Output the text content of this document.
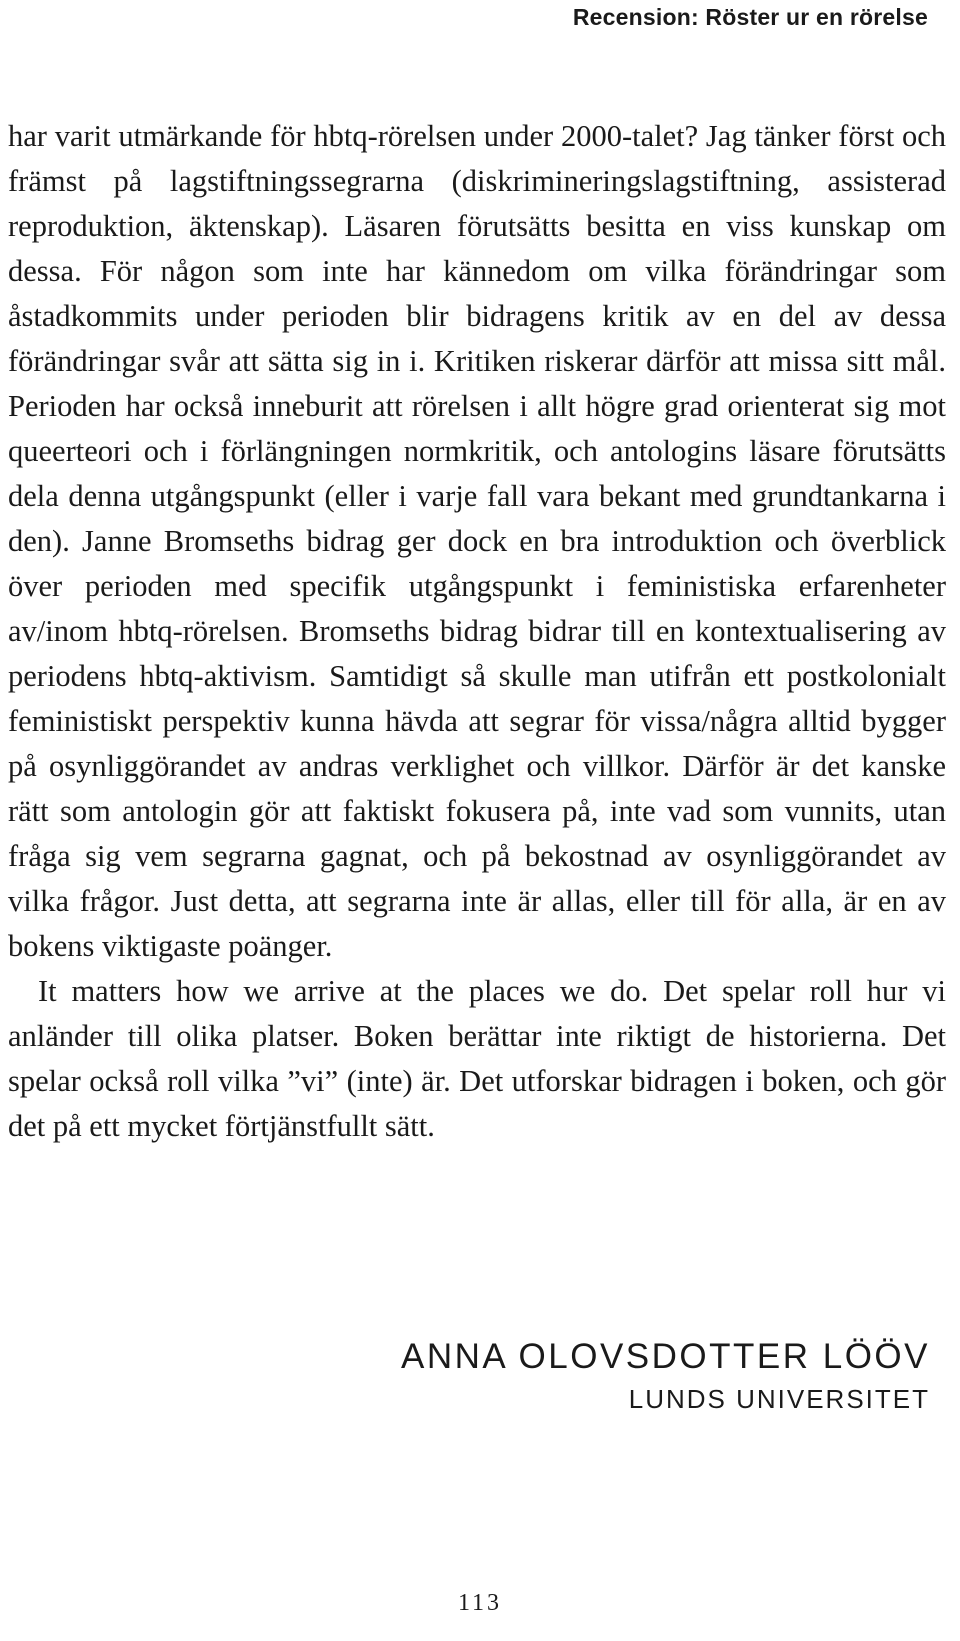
Recension: Röster ur en rörelse

har varit utmärkande för hbtq-rörelsen under 2000-talet? Jag tänker först och främst på lagstiftningssegrarna (diskrimineringslagstiftning, assisterad reproduktion, äktenskap). Läsaren förutsätts besitta en viss kunskap om dessa. För någon som inte har kännedom om vilka förändringar som åstadkommits under perioden blir bidragens kritik av en del av dessa förändringar svår att sätta sig in i. Kritiken riskerar därför att missa sitt mål. Perioden har också inneburit att rörelsen i allt högre grad orienterat sig mot queerteori och i förlängningen normkritik, och antologins läsare förutsätts dela denna utgångspunkt (eller i varje fall vara bekant med grundtankarna i den). Janne Bromseths bidrag ger dock en bra introduktion och överblick över perioden med specifik utgångspunkt i feministiska erfarenheter av/inom hbtq-rörelsen. Bromseths bidrag bidrar till en kontextualisering av periodens hbtq-aktivism. Samtidigt så skulle man utifrån ett postkolonialt feministiskt perspektiv kunna hävda att segrar för vissa/några alltid bygger på osynliggörandet av andras verklighet och villkor. Därför är det kanske rätt som antologin gör att faktiskt fokusera på, inte vad som vunnits, utan fråga sig vem segrarna gagnat, och på bekostnad av osynliggörandet av vilka frågor. Just detta, att segrarna inte är allas, eller till för alla, är en av bokens viktigaste poänger.

It matters how we arrive at the places we do. Det spelar roll hur vi anländer till olika platser. Boken berättar inte riktigt de historierna. Det spelar också roll vilka ”vi” (inte) är. Det utforskar bidragen i boken, och gör det på ett mycket förtjänstfullt sätt.

ANNA OLOVSDOTTER LÖÖV
LUNDS UNIVERSITET
113
